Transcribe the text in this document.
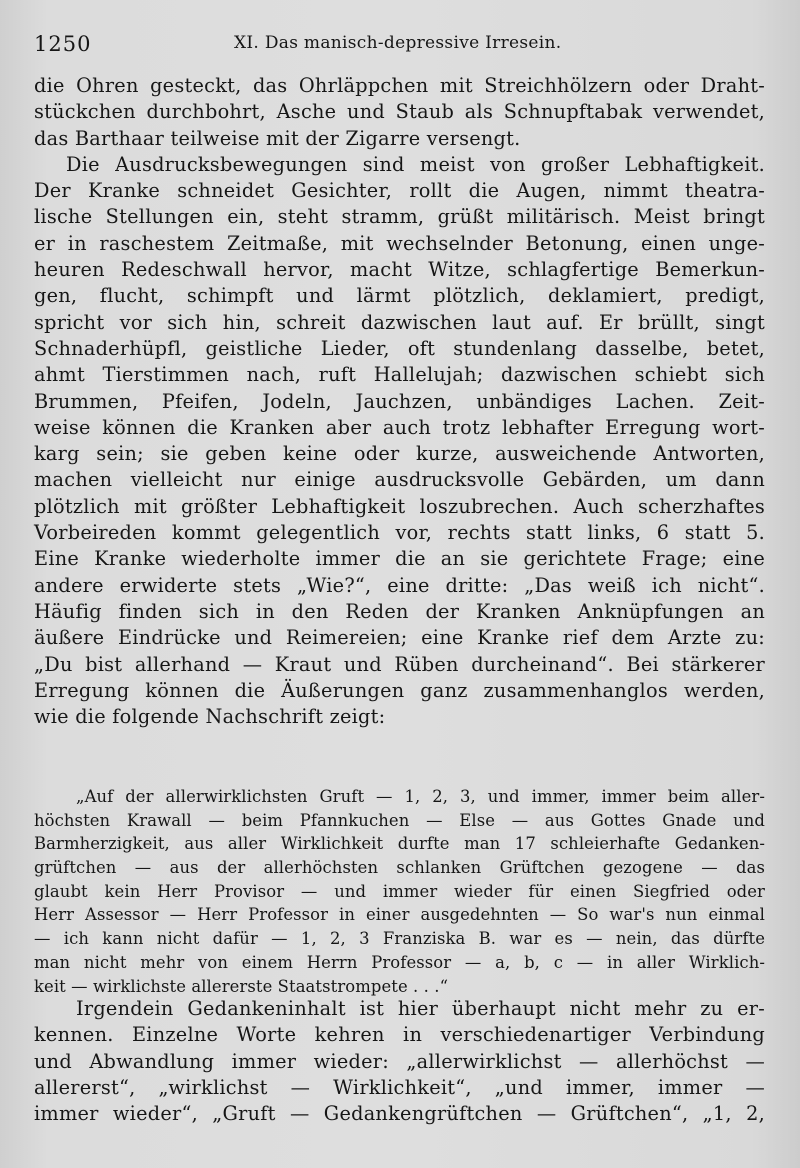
1250	XI. Das manisch-depressive Irresein.
die Ohren gesteckt, das Ohrläppchen mit Streichhölzern oder Draht-
stückchen durchbohrt, Asche und Staub als Schnupftabak verwendet,
das Barthaar teilweise mit der Zigarre versengt.
Die Ausdrucksbewegungen sind meist von großer Lebhaftigkeit.
Der Kranke schneidet Gesichter, rollt die Augen, nimmt theatra-
lische Stellungen ein, steht stramm, grüßt militärisch. Meist bringt
er in raschestem Zeitmaße, mit wechselnder Betonung, einen unge-
heuren Redeschwall hervor, macht Witze, schlagfertige Bemerkun-
gen, flucht, schimpft und lärmt plötzlich, deklamiert, predigt,
spricht vor sich hin, schreit dazwischen laut auf. Er brüllt, singt
Schnaderhüpfl, geistliche Lieder, oft stundenlang dasselbe, betet,
ahmt Tierstimmen nach, ruft Hallelujah; dazwischen schiebt sich
Brummen, Pfeifen, Jodeln, Jauchzen, unbändiges Lachen. Zeit-
weise können die Kranken aber auch trotz lebhafter Erregung wort-
karg sein; sie geben keine oder kurze, ausweichende Antworten,
machen vielleicht nur einige ausdrucksvolle Gebärden, um dann
plötzlich mit größter Lebhaftigkeit loszubrechen. Auch scherzhaftes
Vorbeireden kommt gelegentlich vor, rechts statt links, 6 statt 5.
Eine Kranke wiederholte immer die an sie gerichtete Frage; eine
andere erwiderte stets „Wie?“, eine dritte: „Das weiß ich nicht“.
Häufig finden sich in den Reden der Kranken Anknüpfungen an
äußere Eindrücke und Reimereien; eine Kranke rief dem Arzte zu:
„Du bist allerhand — Kraut und Rüben durcheinand“. Bei stärkerer
Erregung können die Äußerungen ganz zusammenhanglos werden,
wie die folgende Nachschrift zeigt:
„Auf der allerwirklichsten Gruft — 1, 2, 3, und immer, immer beim aller-
höchsten Krawall — beim Pfannkuchen — Else — aus Gottes Gnade und
Barmherzigkeit, aus aller Wirklichkeit durfte man 17 schleierhafte Gedanken-
grüftchen — aus der allerhöchsten schlanken Grüftchen gezogene — das
glaubt kein Herr Provisor — und immer wieder für einen Siegfried oder
Herr Assessor — Herr Professor in einer ausgedehnten — So war's nun einmal
— ich kann nicht dafür — 1, 2, 3 Franziska B. war es — nein, das dürfte
man nicht mehr von einem Herrn Professor — a, b, c — in aller Wirklich-
keit — wirklichste allererste Staatstrompete . . .“
Irgendein Gedankeninhalt ist hier überhaupt nicht mehr zu er-
kennen. Einzelne Worte kehren in verschiedenartiger Verbindung
und Abwandlung immer wieder: „allerwirklichst — allerhöchst —
allererst“, „wirklichst — Wirklichkeit“, „und immer, immer —
immer wieder“, „Gruft — Gedankengrüftchen — Grüftchen“, „1, 2,
